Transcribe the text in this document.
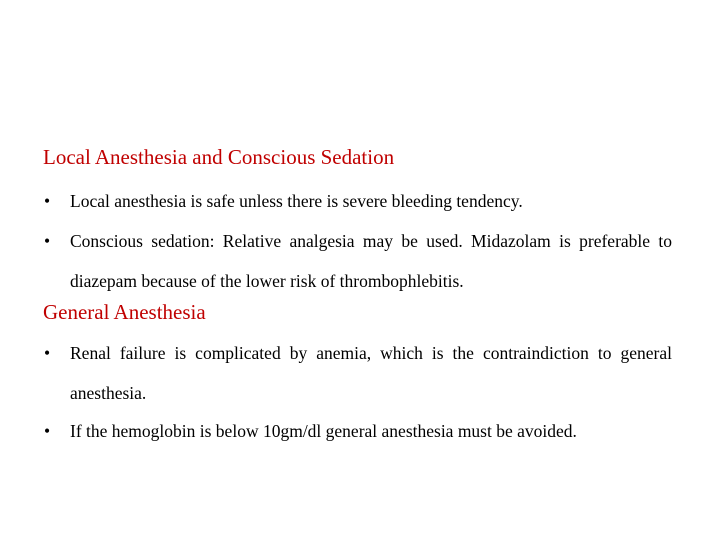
Local Anesthesia and Conscious Sedation
•	Local anesthesia is safe unless there is severe bleeding tendency.
•	Conscious sedation: Relative analgesia may be used. Midazolam is preferable to diazepam because of the lower risk of thrombophlebitis.
General Anesthesia
•	Renal failure is complicated by anemia, which is the contraindiction to general anesthesia.
•	If the hemoglobin is below 10gm/dl general anesthesia must be avoided.
